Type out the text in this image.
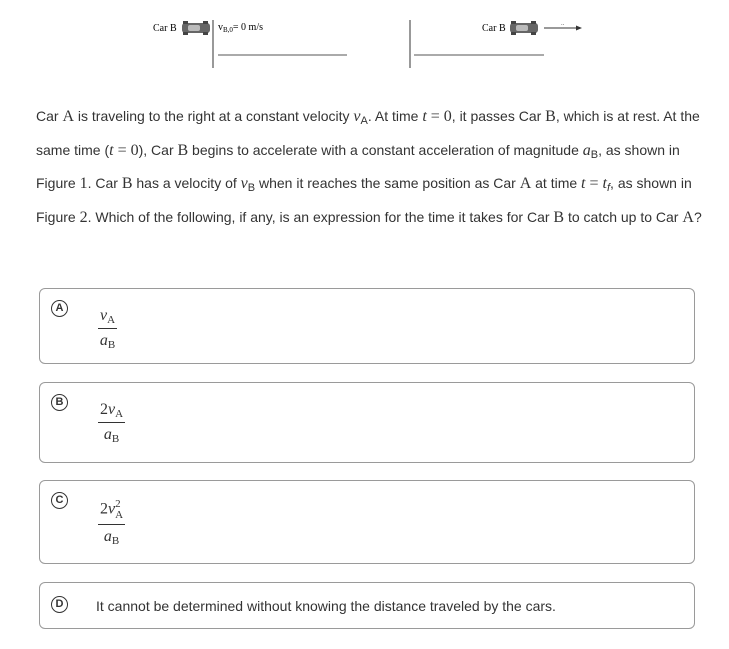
Car B	$v_{B,0}= 0$ m/s	Car B	..
Car A is traveling to the right at a constant velocity $v_A$. At time t = 0, it passes Car B, which is at rest. At the same time (t = 0), Car B begins to accelerate with a constant acceleration of magnitude $a_B$, as shown in Figure 1. Car B has a velocity of $v_B$ when it reaches the same position as Car A at time $t = t_f$, as shown in Figure 2. Which of the following, if any, is an expression for the time it takes for Car B to catch up to Car A?
A $\frac{v_A}{a_B}$
B $\frac{2v_A}{a_B}$
C 2v 2
A
$a_B$
D	It cannot be determined without knowing the distance traveled by the cars.
